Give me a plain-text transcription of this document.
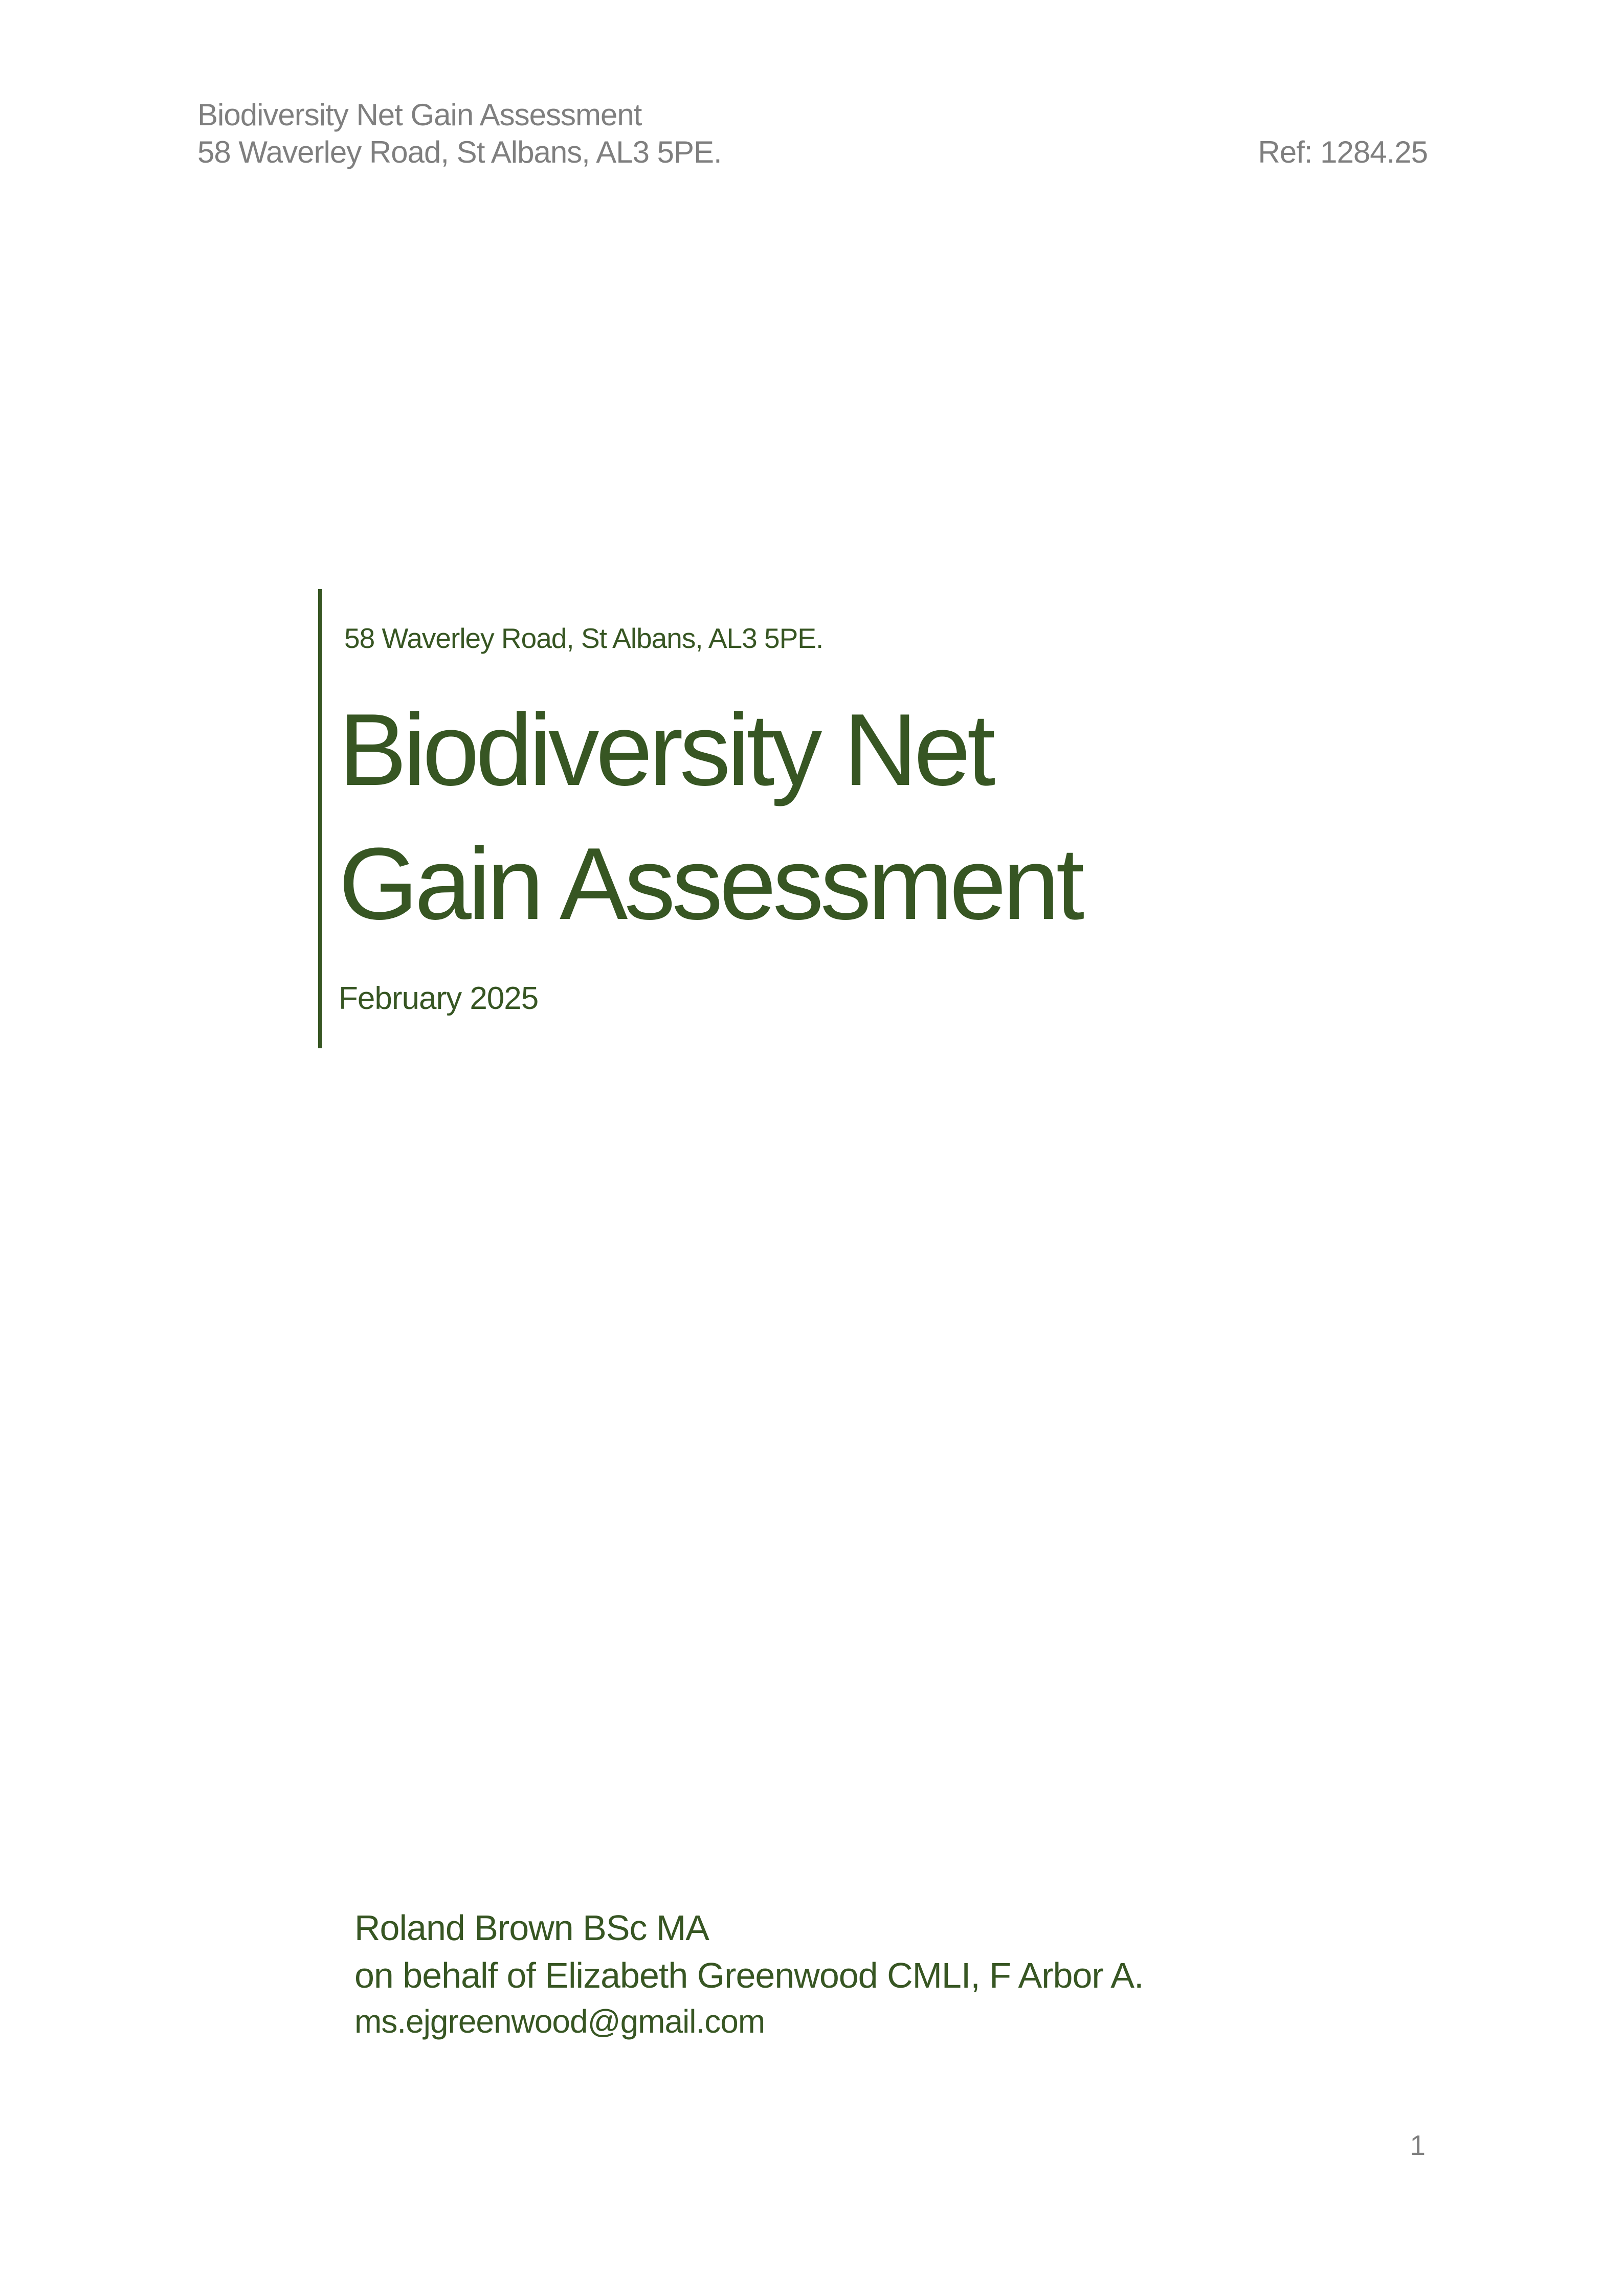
Biodiversity Net Gain Assessment
58 Waverley Road, St Albans, AL3 5PE.	Ref: 1284.25
58 Waverley Road, St Albans, AL3 5PE.
Biodiversity Net
Gain Assessment
February 2025
Roland Brown BSc MA
on behalf of Elizabeth Greenwood CMLI, F Arbor A.
ms.ejgreenwood@gmail.com
1
